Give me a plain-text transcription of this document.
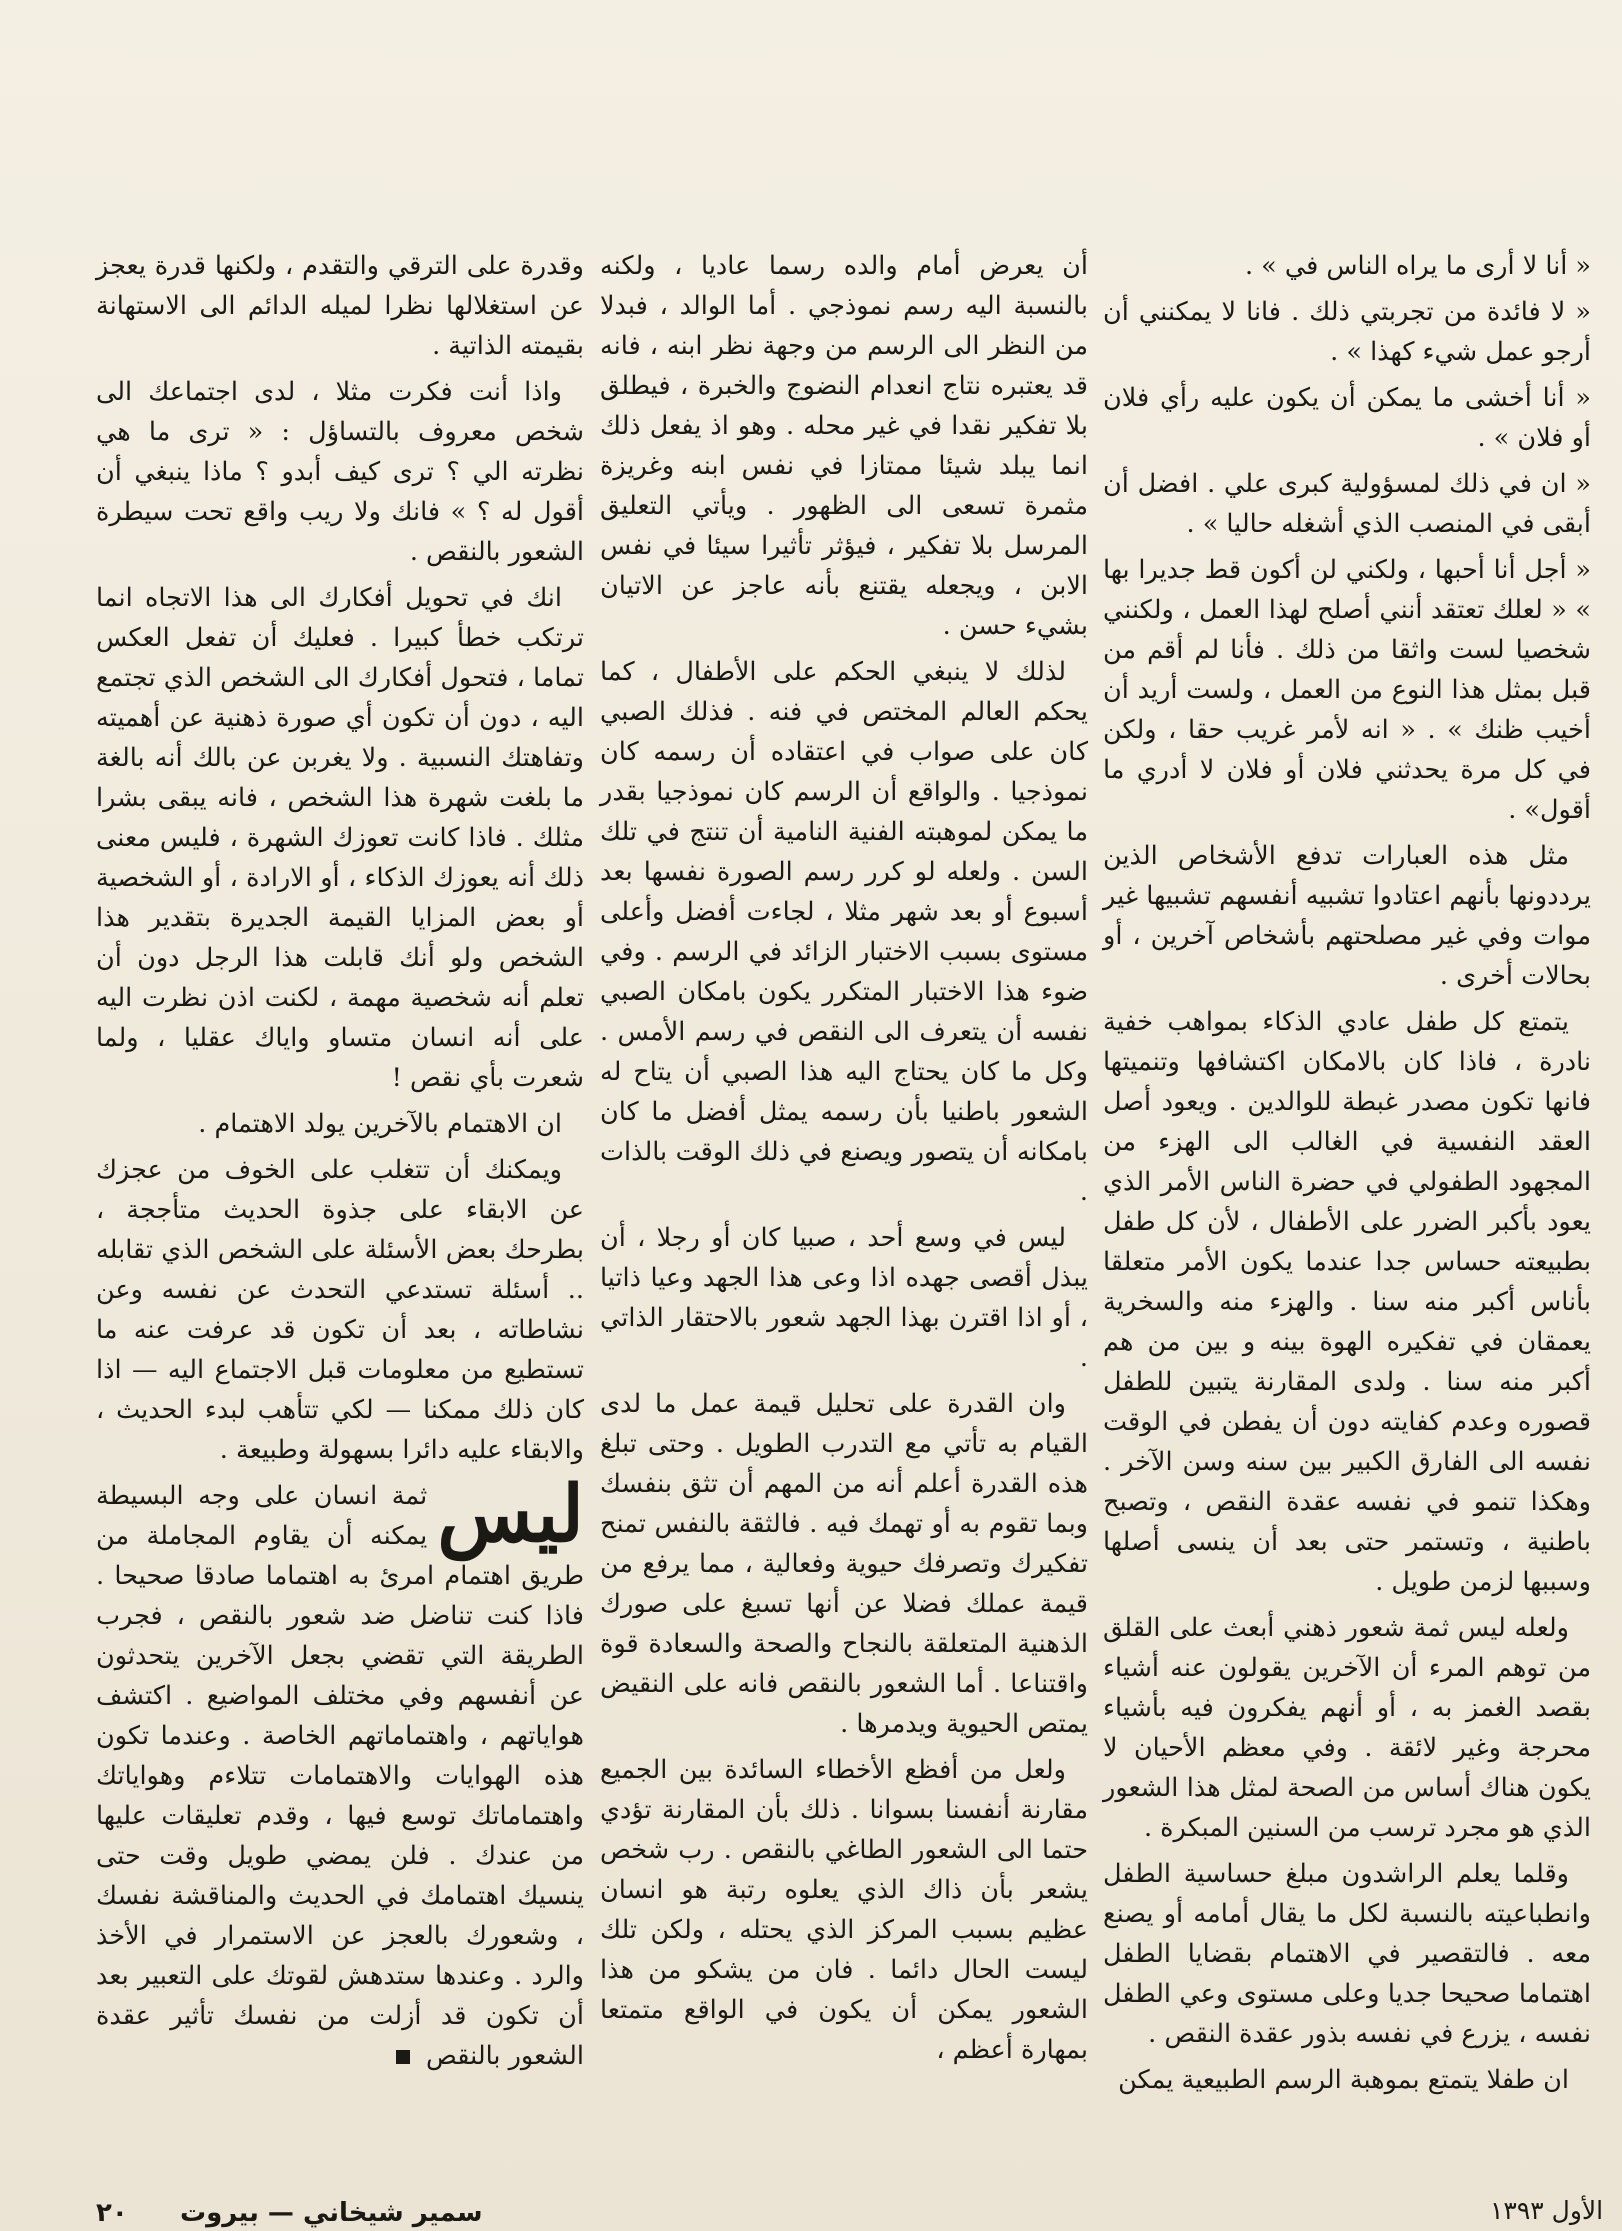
« أنا لا أرى ما يراه الناس في » .

« لا فائدة من تجربتي ذلك . فانا لا يمكنني أن أرجو عمل شيء كهذا » .

« أنا أخشى ما يمكن أن يكون عليه رأي فلان أو فلان » .

« ان في ذلك لمسؤولية كبرى علي . افضل أن أبقى في المنصب الذي أشغله حاليا » .

« أجل أنا أحبها ، ولكني لن أكون قط جديرا بها » « لعلك تعتقد أنني أصلح لهذا العمل ، ولكنني شخصيا لست واثقا من ذلك . فأنا لم أقم من قبل بمثل هذا النوع من العمل ، ولست أريد أن أخيب ظنك » . « انه لأمر غريب حقا ، ولكن في كل مرة يحدثني فلان أو فلان لا أدري ما أقول» .

مثل هذه العبارات تدفع الأشخاص الذين يرددونها بأنهم اعتادوا تشبيه أنفسهم تشبيها غير موات وفي غير مصلحتهم بأشخاص آخرين ، أو بحالات أخرى .

يتمتع كل طفل عادي الذكاء بمواهب خفية نادرة ، فاذا كان بالامكان اكتشافها وتنميتها فانها تكون مصدر غبطة للوالدين . ويعود أصل العقد النفسية في الغالب الى الهزء من المجهود الطفولي في حضرة الناس الأمر الذي يعود بأكبر الضرر على الأطفال ، لأن كل طفل بطبيعته حساس جدا عندما يكون الأمر متعلقا بأناس أكبر منه سنا . والهزء منه والسخرية يعمقان في تفكيره الهوة بينه و بين من هم أكبر منه سنا . ولدى المقارنة يتبين للطفل قصوره وعدم كفايته دون أن يفطن في الوقت نفسه الى الفارق الكبير بين سنه وسن الآخر . وهكذا تنمو في نفسه عقدة النقص ، وتصبح باطنية ، وتستمر حتى بعد أن ينسى أصلها وسببها لزمن طويل .

ولعله ليس ثمة شعور ذهني أبعث على القلق من توهم المرء أن الآخرين يقولون عنه أشياء بقصد الغمز به ، أو أنهم يفكرون فيه بأشياء محرجة وغير لائقة . وفي معظم الأحيان لا يكون هناك أساس من الصحة لمثل هذا الشعور الذي هو مجرد ترسب من السنين المبكرة .

وقلما يعلم الراشدون مبلغ حساسية الطفل وانطباعيته بالنسبة لكل ما يقال أمامه أو يصنع معه . فالتقصير في الاهتمام بقضايا الطفل اهتماما صحيحا جديا وعلى مستوى وعي الطفل نفسه ، يزرع في نفسه بذور عقدة النقص .

ان طفلا يتمتع بموهبة الرسم الطبيعية يمكن

أن يعرض أمام والده رسما عاديا ، ولكنه بالنسبة اليه رسم نموذجي . أما الوالد ، فبدلا من النظر الى الرسم من وجهة نظر ابنه ، فانه قد يعتبره نتاج انعدام النضوج والخبرة ، فيطلق بلا تفكير نقدا في غير محله . وهو اذ يفعل ذلك انما يبلد شيئا ممتازا في نفس ابنه وغريزة مثمرة تسعى الى الظهور . ويأتي التعليق المرسل بلا تفكير ، فيؤثر تأثيرا سيئا في نفس الابن ، ويجعله يقتنع بأنه عاجز عن الاتيان بشيء حسن .

لذلك لا ينبغي الحكم على الأطفال ، كما يحكم العالم المختص في فنه . فذلك الصبي كان على صواب في اعتقاده أن رسمه كان نموذجيا . والواقع أن الرسم كان نموذجيا بقدر ما يمكن لموهبته الفنية النامية أن تنتج في تلك السن . ولعله لو كرر رسم الصورة نفسها بعد أسبوع أو بعد شهر مثلا ، لجاءت أفضل وأعلى مستوى بسبب الاختبار الزائد في الرسم . وفي ضوء هذا الاختبار المتكرر يكون بامكان الصبي نفسه أن يتعرف الى النقص في رسم الأمس . وكل ما كان يحتاج اليه هذا الصبي أن يتاح له الشعور باطنيا بأن رسمه يمثل أفضل ما كان بامكانه أن يتصور ويصنع في ذلك الوقت بالذات .

ليس في وسع أحد ، صبيا كان أو رجلا ، أن يبذل أقصى جهده اذا وعى هذا الجهد وعيا ذاتيا ، أو اذا اقترن بهذا الجهد شعور بالاحتقار الذاتي .

وان القدرة على تحليل قيمة عمل ما لدى القيام به تأتي مع التدرب الطويل . وحتى تبلغ هذه القدرة أعلم أنه من المهم أن تثق بنفسك وبما تقوم به أو تهمك فيه . فالثقة بالنفس تمنح تفكيرك وتصرفك حيوية وفعالية ، مما يرفع من قيمة عملك فضلا عن أنها تسبغ على صورك الذهنية المتعلقة بالنجاح والصحة والسعادة قوة واقتناعا . أما الشعور بالنقص فانه على النقيض يمتص الحيوية ويدمرها .

ولعل من أفظع الأخطاء السائدة بين الجميع مقارنة أنفسنا بسوانا . ذلك بأن المقارنة تؤدي حتما الى الشعور الطاغي بالنقص . رب شخص يشعر بأن ذاك الذي يعلوه رتبة هو انسان عظيم بسبب المركز الذي يحتله ، ولكن تلك ليست الحال دائما . فان من يشكو من هذا الشعور يمكن أن يكون في الواقع متمتعا بمهارة أعظم ،

وقدرة على الترقي والتقدم ، ولكنها قدرة يعجز عن استغلالها نظرا لميله الدائم الى الاستهانة بقيمته الذاتية .

واذا أنت فكرت مثلا ، لدى اجتماعك الى شخص معروف بالتساؤل : « ترى ما هي نظرته الي ؟ ترى كيف أبدو ؟ ماذا ينبغي أن أقول له ؟ » فانك ولا ريب واقع تحت سيطرة الشعور بالنقص .

انك في تحويل أفكارك الى هذا الاتجاه انما ترتكب خطأ كبيرا . فعليك أن تفعل العكس تماما ، فتحول أفكارك الى الشخص الذي تجتمع اليه ، دون أن تكون أي صورة ذهنية عن أهميته وتفاهتك النسبية . ولا يغربن عن بالك أنه بالغة ما بلغت شهرة هذا الشخص ، فانه يبقى بشرا مثلك . فاذا كانت تعوزك الشهرة ، فليس معنى ذلك أنه يعوزك الذكاء ، أو الارادة ، أو الشخصية أو بعض المزايا القيمة الجديرة بتقدير هذا الشخص ولو أنك قابلت هذا الرجل دون أن تعلم أنه شخصية مهمة ، لكنت اذن نظرت اليه على أنه انسان متساو واياك عقليا ، ولما شعرت بأي نقص !

ان الاهتمام بالآخرين يولد الاهتمام .

ويمكنك أن تتغلب على الخوف من عجزك عن الابقاء على جذوة الحديث متأججة ، بطرحك بعض الأسئلة على الشخص الذي تقابله .. أسئلة تستدعي التحدث عن نفسه وعن نشاطاته ، بعد أن تكون قد عرفت عنه ما تستطيع من معلومات قبل الاجتماع اليه — اذا كان ذلك ممكنا — لكي تتأهب لبدء الحديث ، والابقاء عليه دائرا بسهولة وطبيعة .

ليس
ثمة انسان على وجه البسيطة يمكنه أن يقاوم المجاملة من طريق اهتمام امرئ به اهتماما صادقا صحيحا . فاذا كنت تناضل ضد شعور بالنقص ، فجرب الطريقة التي تقضي بجعل الآخرين يتحدثون عن أنفسهم وفي مختلف المواضيع . اكتشف هواياتهم ، واهتماماتهم الخاصة . وعندما تكون هذه الهوايات والاهتمامات تتلاءم وهواياتك واهتماماتك توسع فيها ، وقدم تعليقات عليها من عندك . فلن يمضي طويل وقت حتى ينسيك اهتمامك في الحديث والمناقشة نفسك ، وشعورك بالعجز عن الاستمرار في الأخذ والرد . وعندها ستدهش لقوتك على التعبير بعد أن تكون قد أزلت من نفسك تأثير عقدة الشعور بالنقص

الأول ١٣٩٣
سمير شيخاني — بيروت
٢٠
